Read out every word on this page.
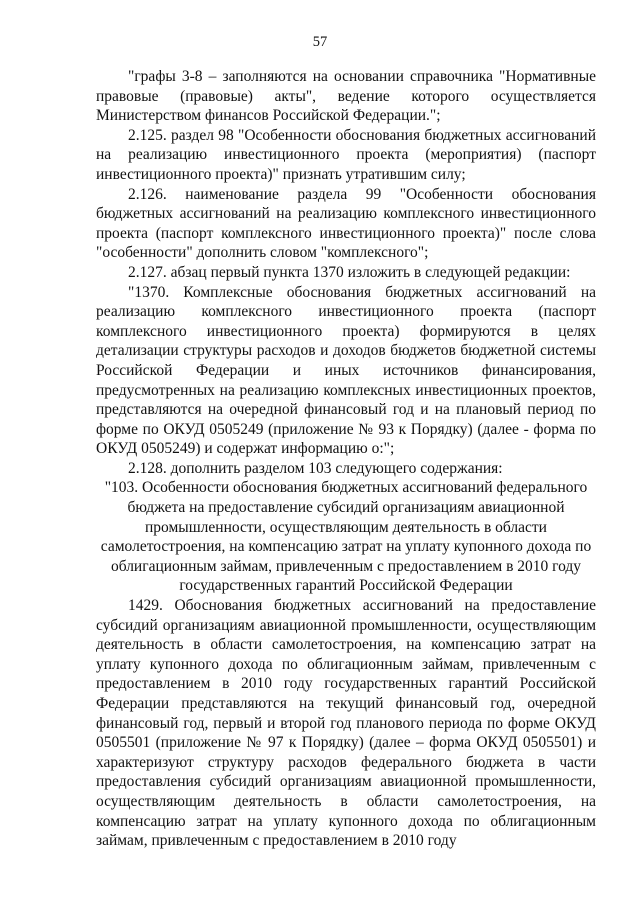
57

"графы 3-8 – заполняются на основании справочника "Нормативные правовые (правовые) акты", ведение которого осуществляется Министерством финансов Российской Федерации.";

2.125. раздел 98 "Особенности обоснования бюджетных ассигнований на реализацию инвестиционного проекта (мероприятия) (паспорт инвестиционного проекта)" признать утратившим силу;

2.126. наименование раздела 99 "Особенности обоснования бюджетных ассигнований на реализацию комплексного инвестиционного проекта (паспорт комплексного инвестиционного проекта)" после слова "особенности" дополнить словом "комплексного";

2.127. абзац первый пункта 1370 изложить в следующей редакции:

"1370. Комплексные обоснования бюджетных ассигнований на реализацию комплексного инвестиционного проекта (паспорт комплексного инвестиционного проекта) формируются в целях детализации структуры расходов и доходов бюджетов бюджетной системы Российской Федерации и иных источников финансирования, предусмотренных на реализацию комплексных инвестиционных проектов, представляются на очередной финансовый год и на плановый период по форме по ОКУД 0505249 (приложение № 93 к Порядку) (далее - форма по ОКУД 0505249) и содержат информацию о:";

2.128. дополнить разделом 103 следующего содержания:

"103. Особенности обоснования бюджетных ассигнований федерального
бюджета на предоставление субсидий организациям авиационной
промышленности, осуществляющим деятельность в области
самолетостроения, на компенсацию затрат на уплату купонного дохода по
облигационным займам, привлеченным с предоставлением в 2010 году
государственных гарантий Российской Федерации

1429. Обоснования бюджетных ассигнований на предоставление субсидий организациям авиационной промышленности, осуществляющим деятельность в области самолетостроения, на компенсацию затрат на уплату купонного дохода по облигационным займам, привлеченным с предоставлением в 2010 году государственных гарантий Российской Федерации представляются на текущий финансовый год, очередной финансовый год, первый и второй год планового периода по форме ОКУД 0505501 (приложение № 97 к Порядку) (далее – форма ОКУД 0505501) и характеризуют структуру расходов федерального бюджета в части предоставления субсидий организациям авиационной промышленности, осуществляющим деятельность в области самолетостроения, на компенсацию затрат на уплату купонного дохода по облигационным займам, привлеченным с предоставлением в 2010 году
